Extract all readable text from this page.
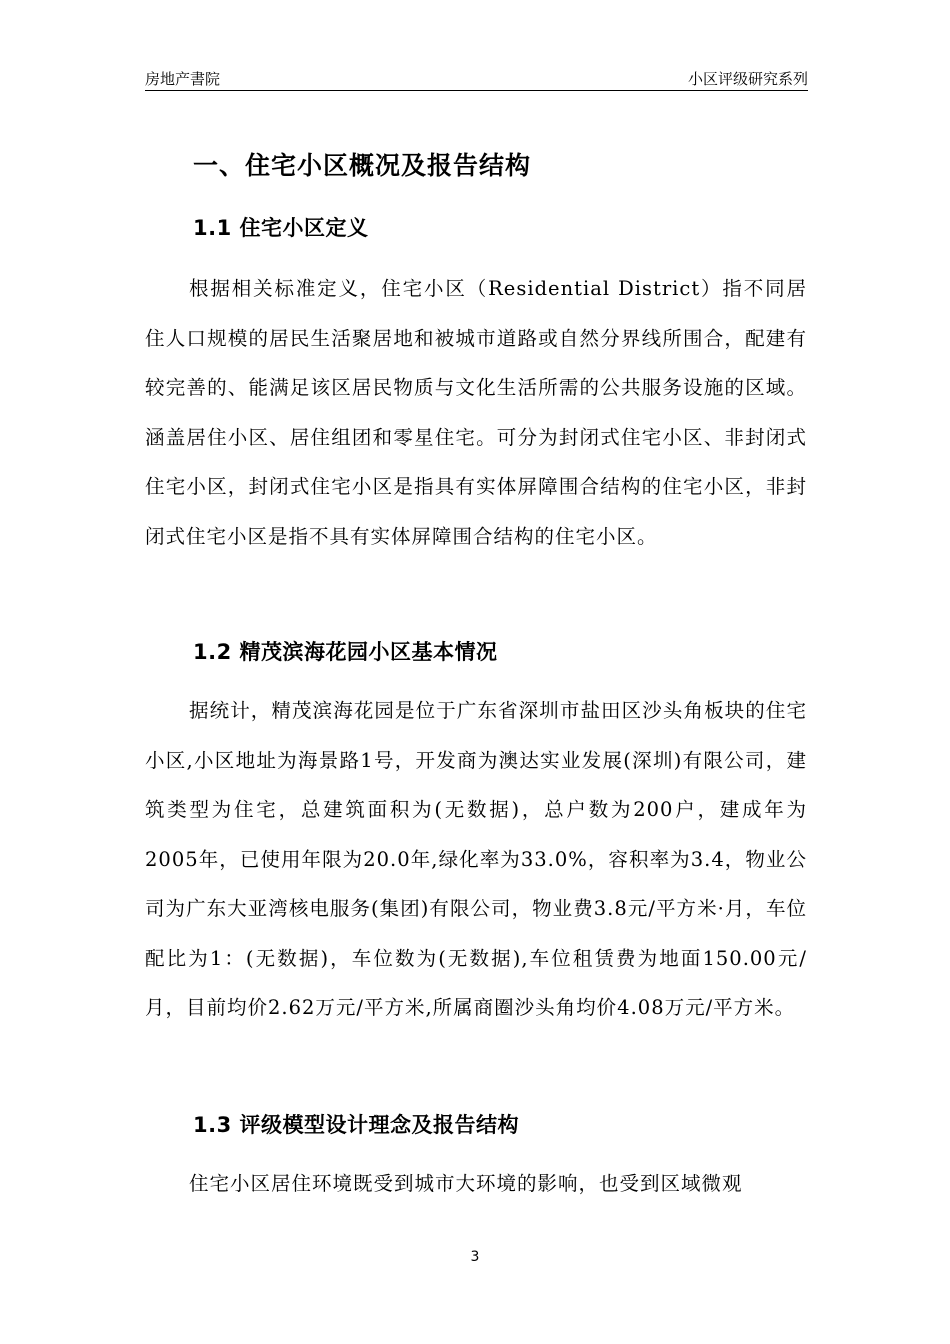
房地产書院	小区评级研究系列
一、住宅小区概况及报告结构
1.1 住宅小区定义

根据相关标准定义，住宅小区（Residential District）指不同居住人口规模的居民生活聚居地和被城市道路或自然分界线所围合，配建有较完善的、能满足该区居民物质与文化生活所需的公共服务设施的区域。涵盖居住小区、居住组团和零星住宅。可分为封闭式住宅小区、非封闭式住宅小区，封闭式住宅小区是指具有实体屏障围合结构的住宅小区，非封闭式住宅小区是指不具有实体屏障围合结构的住宅小区。

1.2 精茂滨海花园小区基本情况

据统计，精茂滨海花园是位于广东省深圳市盐田区沙头角板块的住宅小区,小区地址为海景路1号，开发商为澳达实业发展(深圳)有限公司，建筑类型为住宅，总建筑面积为(无数据)，总户数为200户，建成年为2005年，已使用年限为20.0年,绿化率为33.0%，容积率为3.4，物业公司为广东大亚湾核电服务(集团)有限公司，物业费3.8元/平方米·月，车位配比为1：(无数据)，车位数为(无数据),车位租赁费为地面150.00元/月，目前均价2.62万元/平方米,所属商圈沙头角均价4.08万元/平方米。

1.3 评级模型设计理念及报告结构

住宅小区居住环境既受到城市大环境的影响，也受到区域微观

3
